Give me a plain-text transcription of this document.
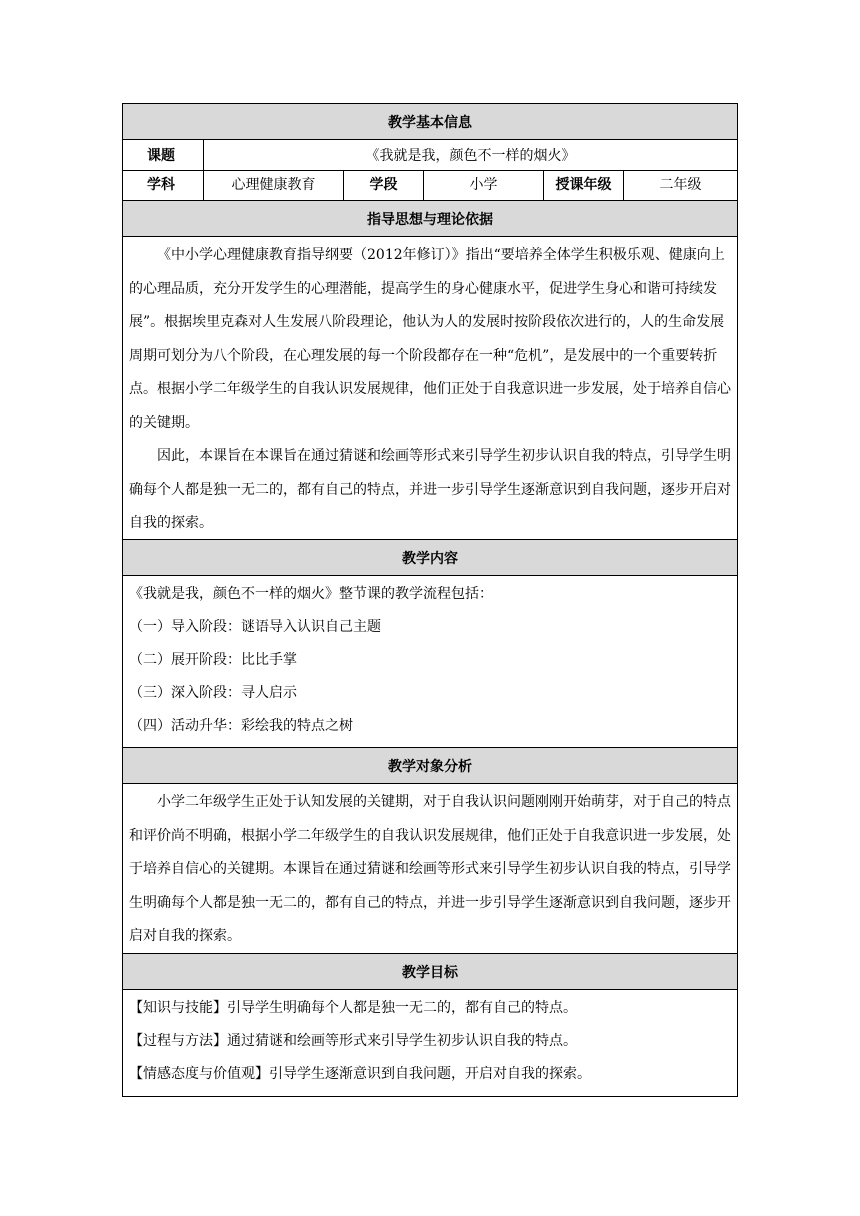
教学基本信息
课题	《我就是我，颜色不一样的烟火》
学科	心理健康教育	学段	小学	授课年级	二年级
指导思想与理论依据

《中小学心理健康教育指导纲要（2012年修订）》指出“要培养全体学生积极乐观、健康向上的心理品质，充分开发学生的心理潜能，提高学生的身心健康水平，促进学生身心和谐可持续发展”。根据埃里克森对人生发展八阶段理论，他认为人的发展时按阶段依次进行的，人的生命发展周期可划分为八个阶段，在心理发展的每一个阶段都存在一种“危机”，是发展中的一个重要转折点。根据小学二年级学生的自我认识发展规律，他们正处于自我意识进一步发展，处于培养自信心的关键期。

因此，本课旨在本课旨在通过猜谜和绘画等形式来引导学生初步认识自我的特点，引导学生明确每个人都是独一无二的，都有自己的特点，并进一步引导学生逐渐意识到自我问题，逐步开启对自我的探索。

教学内容

《我就是我，颜色不一样的烟火》整节课的教学流程包括：

（一）导入阶段：谜语导入认识自己主题

（二）展开阶段：比比手掌

（三）深入阶段：寻人启示

（四）活动升华：彩绘我的特点之树

教学对象分析

小学二年级学生正处于认知发展的关键期，对于自我认识问题刚刚开始萌芽，对于自己的特点和评价尚不明确，根据小学二年级学生的自我认识发展规律，他们正处于自我意识进一步发展，处于培养自信心的关键期。本课旨在通过猜谜和绘画等形式来引导学生初步认识自我的特点，引导学生明确每个人都是独一无二的，都有自己的特点，并进一步引导学生逐渐意识到自我问题，逐步开启对自我的探索。

教学目标

【知识与技能】引导学生明确每个人都是独一无二的，都有自己的特点。

【过程与方法】通过猜谜和绘画等形式来引导学生初步认识自我的特点。

【情感态度与价值观】引导学生逐渐意识到自我问题，开启对自我的探索。
